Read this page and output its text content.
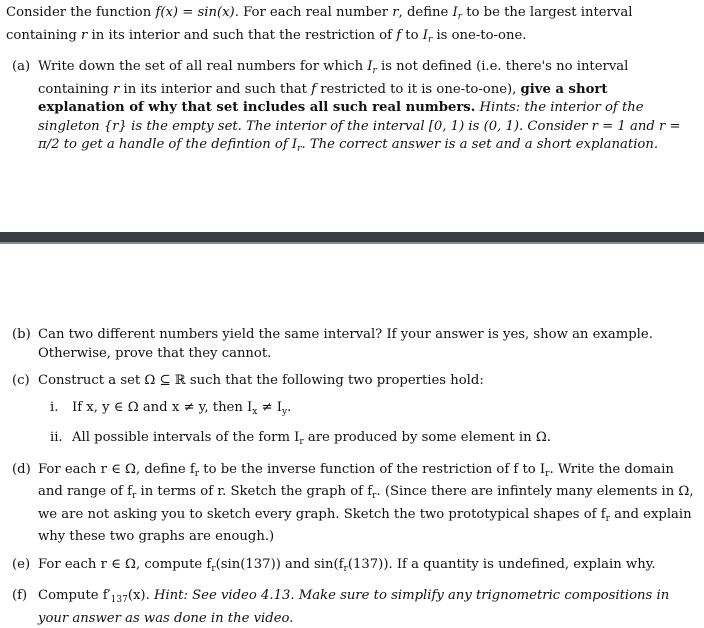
Consider the function f(x) = sin(x). For each real number r, define $I_r$ to be the largest interval containing r in its interior and such that the restriction of f to $I_r$ is one-to-one.

(a) Write down the set of all real numbers for which $I_r$ is not defined (i.e. there's no interval containing r in its interior and such that f restricted to it is one-to-one), give a short explanation of why that set includes all such real numbers. Hints: the interior of the singleton {r} is the empty set. The interior of the interval [0, 1) is (0, 1). Consider r = 1 and r = π/2 to get a handle of the defintion of $I_r$. The correct answer is a set and a short explanation.
(b) Can two different numbers yield the same interval? If your answer is yes, show an example. Otherwise, prove that they cannot.
(c) Construct a set Ω ⊆ ℝ such that the following two properties hold:
i.	If x, y ∈ Ω and x ≠ y, then $I_x \ne I_y$.
ii. All possible intervals of the form $I_r$ are produced by some element in Ω.
(d) For each r ∈ Ω, define $f_r$ to be the inverse function of the restriction of f to $I_r$. Write the domain and range of $f_r$ in terms of r. Sketch the graph of $f_r$. (Since there are infintely many elements in Ω, we are not asking you to sketch every graph. Sketch the two prototypical shapes of $f_r$ and explain why these two graphs are enough.)
(e) For each r ∈ Ω, compute $f_r(\sin(137))$ and $\sin(f_r(137))$. If a quantity is undefined, explain why.
(f) Compute $f'_{137}(x)$. Hint: See video 4.13. Make sure to simplify any trignometric compositions in your answer as was done in the video.
